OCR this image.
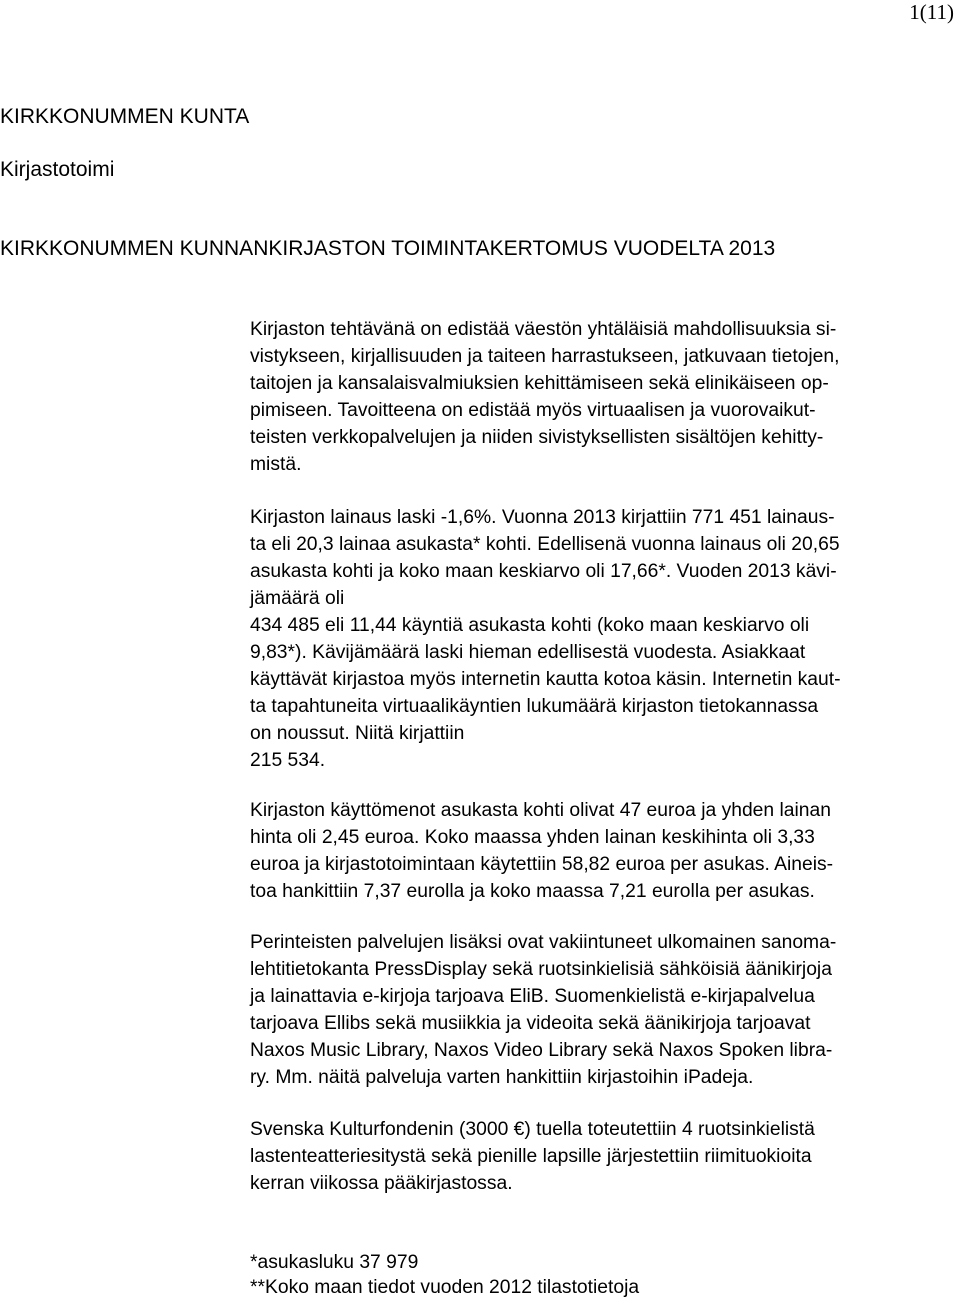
1(11)
KIRKKONUMMEN KUNTA
Kirjastotoimi
KIRKKONUMMEN KUNNANKIRJASTON TOIMINTAKERTOMUS VUODELTA 2013

Kirjaston tehtävänä on edistää väestön yhtäläisiä mahdollisuuksia si-
vistykseen, kirjallisuuden ja taiteen harrastukseen, jatkuvaan tietojen,
taitojen ja kansalaisvalmiuksien kehittämiseen sekä elinikäiseen op-
pimiseen. Tavoitteena on edistää myös virtuaalisen ja vuorovaikut-
teisten verkkopalvelujen ja niiden sivistyksellisten sisältöjen kehitty-
mistä.

Kirjaston lainaus laski -1,6%. Vuonna 2013 kirjattiin 771 451 lainaus-
ta eli 20,3 lainaa asukasta* kohti. Edellisenä vuonna lainaus oli 20,65
asukasta kohti ja koko maan keskiarvo oli 17,66*. Vuoden 2013 kävi-
jämäärä oli
434 485 eli 11,44 käyntiä asukasta kohti (koko maan keskiarvo oli
9,83*). Kävijämäärä laski hieman edellisestä vuodesta. Asiakkaat
käyttävät kirjastoa myös internetin kautta kotoa käsin. Internetin kaut-
ta tapahtuneita virtuaalikäyntien lukumäärä kirjaston tietokannassa
on noussut. Niitä kirjattiin
215 534.

Kirjaston käyttömenot asukasta kohti olivat 47 euroa ja yhden lainan
hinta oli 2,45 euroa. Koko maassa yhden lainan keskihinta oli 3,33
euroa ja kirjastotoimintaan käytettiin 58,82 euroa per asukas. Aineis-
toa hankittiin 7,37 eurolla ja koko maassa 7,21 eurolla per asukas.

Perinteisten palvelujen lisäksi ovat vakiintuneet ulkomainen sanoma-
lehtitietokanta PressDisplay sekä ruotsinkielisiä sähköisiä äänikirjoja
ja lainattavia e-kirjoja tarjoava EliB. Suomenkielistä e-kirjapalvelua
tarjoava Ellibs sekä musiikkia ja videoita sekä äänikirjoja tarjoavat
Naxos Music Library, Naxos Video Library sekä Naxos Spoken libra-
ry. Mm. näitä palveluja varten hankittiin kirjastoihin iPadeja.

Svenska Kulturfondenin (3000 €) tuella toteutettiin 4 ruotsinkielistä
lastenteatteriesitystä sekä pienille lapsille järjestettiin riimituokioita
kerran viikossa pääkirjastossa.

*asukasluku 37 979
**Koko maan tiedot vuoden 2012 tilastotietoja
